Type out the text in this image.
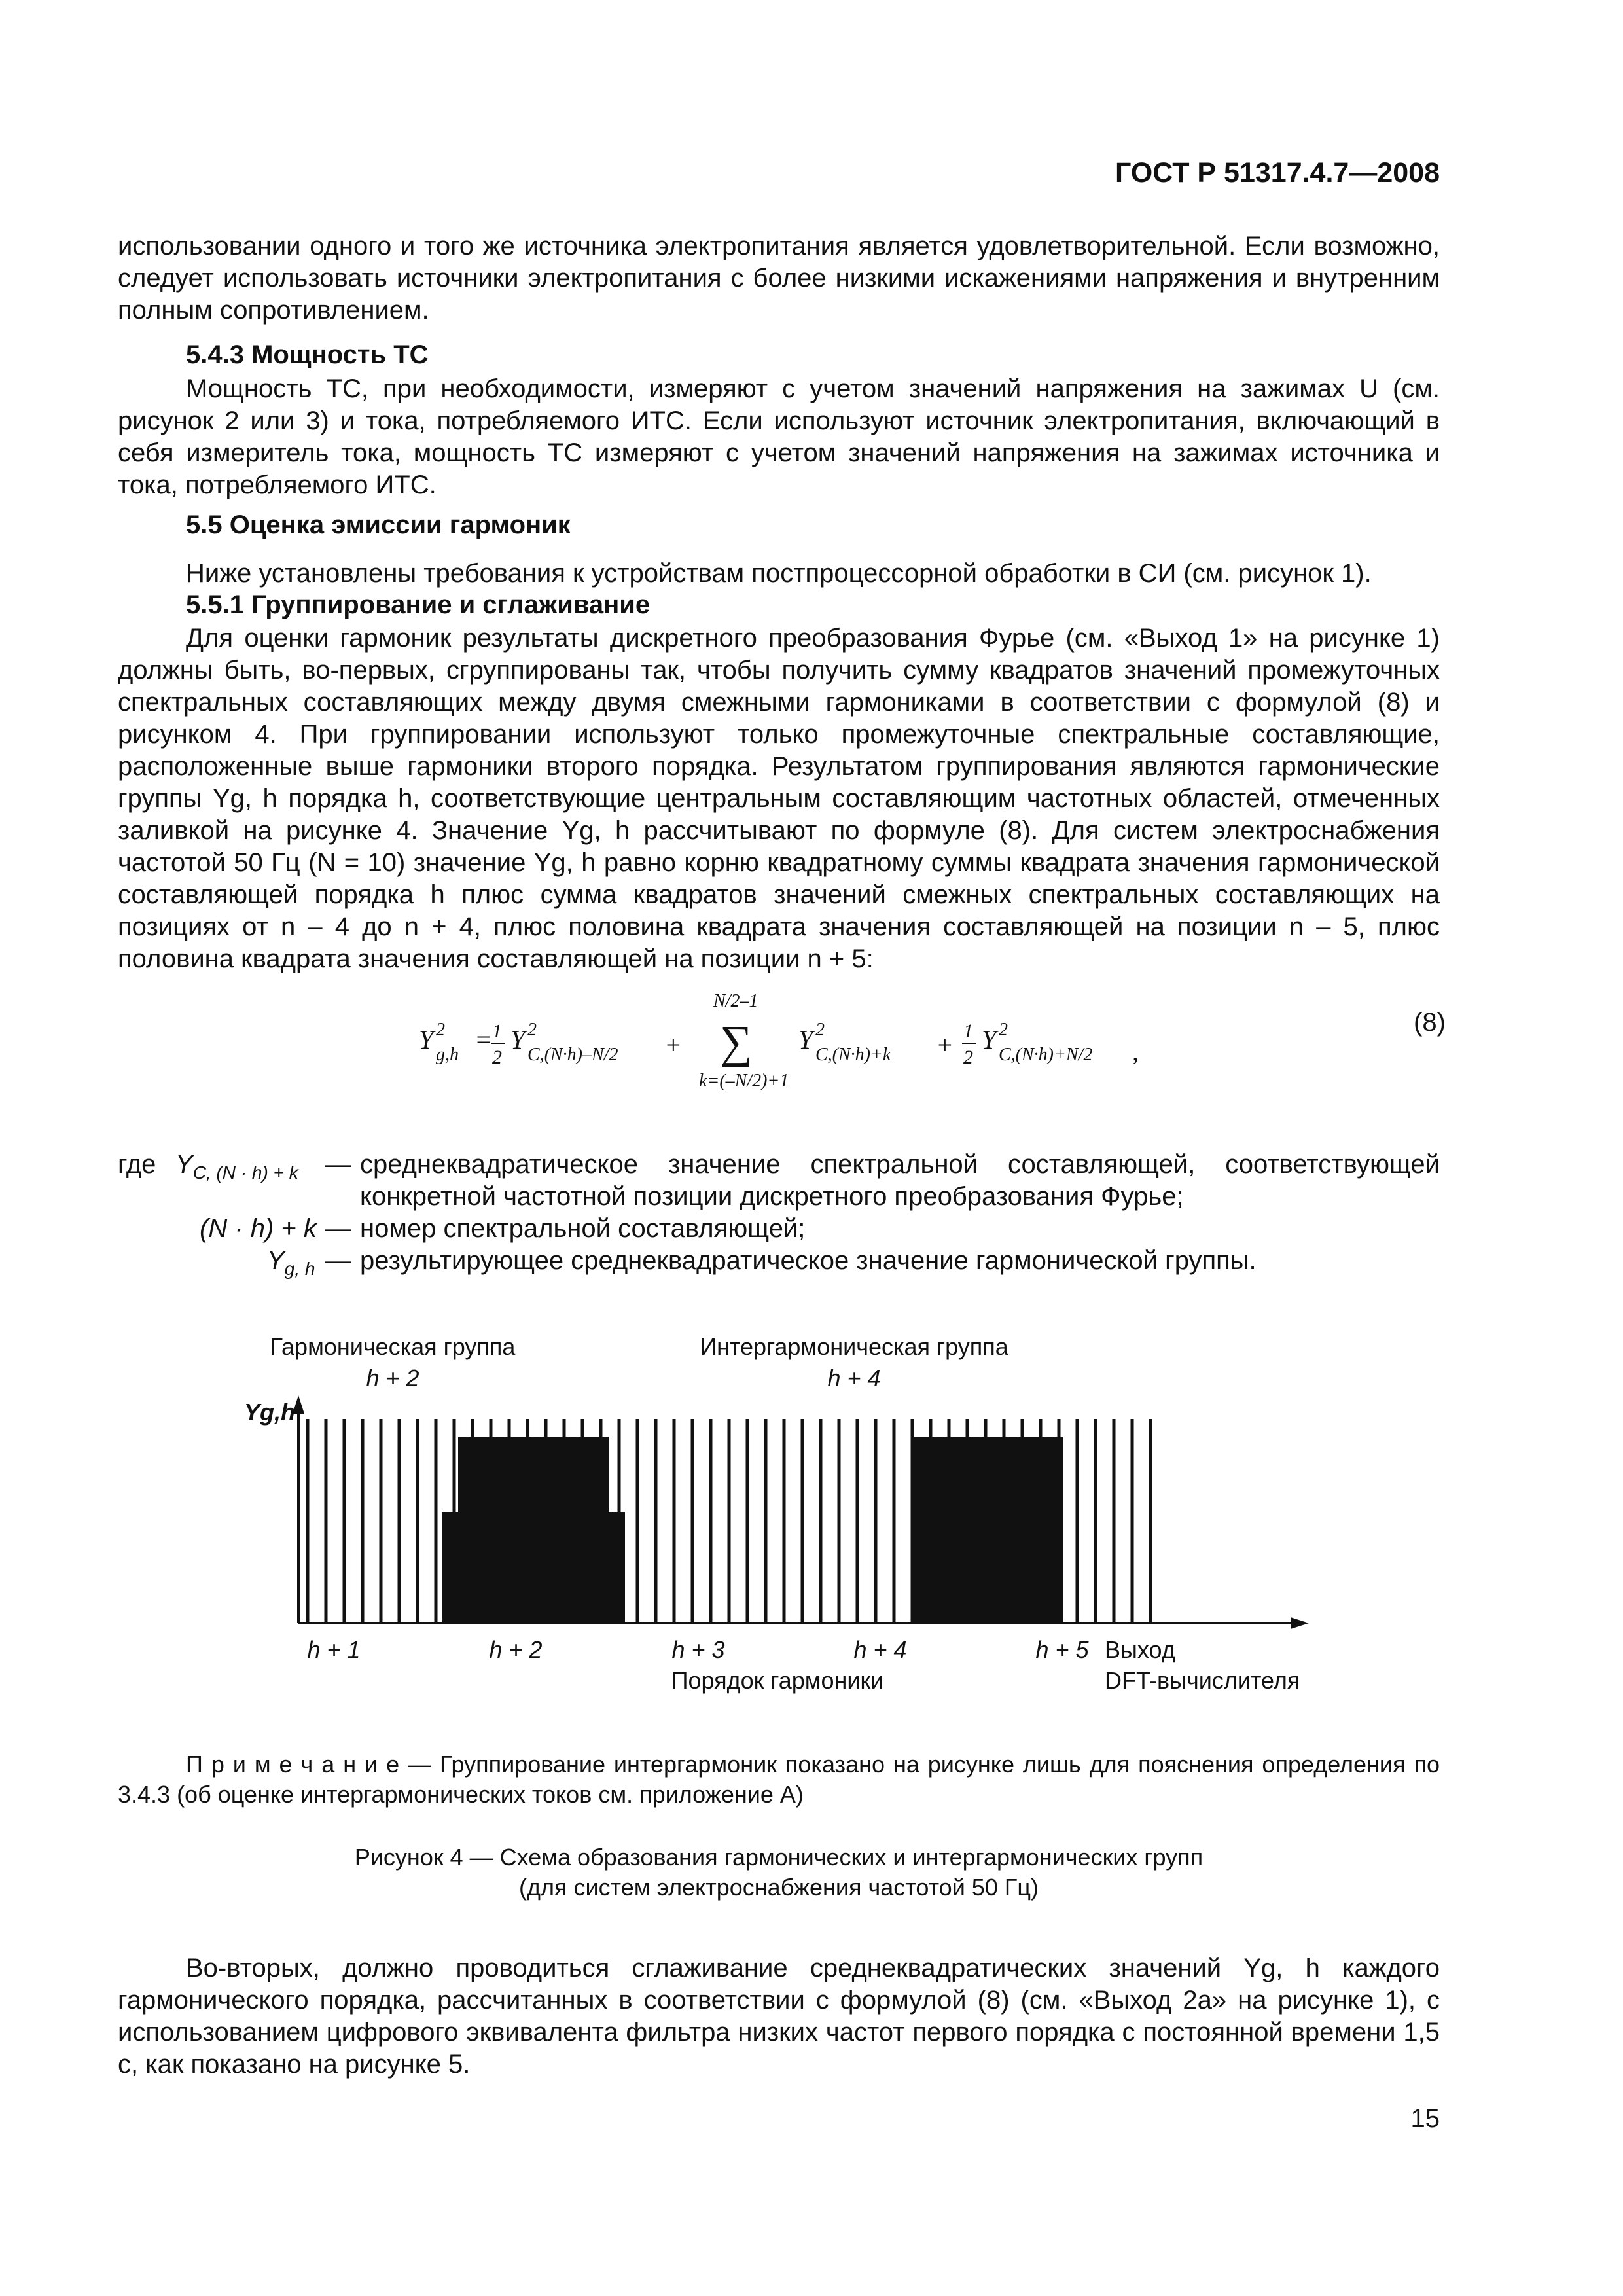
ГОСТ Р 51317.4.7—2008

использовании одного и того же источника электропитания является удовлетворительной. Если возможно, следует использовать источники электропитания с более низкими искажениями напряжения и внутренним полным сопротивлением.

5.4.3 Мощность ТС

Мощность ТС, при необходимости, измеряют с учетом значений напряжения на зажимах U (см. рисунок 2 или 3) и тока, потребляемого ИТС. Если используют источник электропитания, включающий в себя измеритель тока, мощность ТС измеряют с учетом значений напряжения на зажимах источника и тока, потребляемого ИТС.

5.5 Оценка эмиссии гармоник

Ниже установлены требования к устройствам постпроцессорной обработки в СИ (см. рисунок 1).

5.5.1 Группирование и сглаживание

Для оценки гармоник результаты дискретного преобразования Фурье (см. «Выход 1» на рисунке 1) должны быть, во-первых, сгруппированы так, чтобы получить сумму квадратов значений промежуточных спектральных составляющих между двумя смежными гармониками в соответствии с формулой (8) и рисунком 4. При группировании используют только промежуточные спектральные составляющие, расположенные выше гармоники второго порядка. Результатом группирования являются гармонические группы Yg, h порядка h, соответствующие центральным составляющим частотных областей, отмеченных заливкой на рисунке 4. Значение Yg, h рассчитывают по формуле (8). Для систем электроснабжения частотой 50 Гц (N = 10) значение Yg, h равно корню квадратному суммы квадрата значения гармонической составляющей порядка h плюс сумма квадратов значений смежных спектральных составляющих на позициях от n – 4 до n + 4, плюс половина квадрата значения составляющей на позиции n – 5, плюс половина квадрата значения составляющей на позиции n + 5:

Y 2
g,h
= 1
2
Y 2
C,(N·h)–N/2 +
N/2–1
∑
k=(–N/2)+1
Y 2
C,(N·h)+k + 1
2
Y 2
C,(N·h)+N/2 ,
(8)

где $Y_{C, (N \cdot h) + k}$ — среднеквадратическое значение спектральной составляющей, соответствующей конкретной частотной позиции дискретного преобразования Фурье;

(N · h) + k — номер спектральной составляющей;

$Y_{g, h}$ — результирующее среднеквадратическое значение гармонической группы.

Гармоническая группа
h + 2
Интергармоническая группа
h + 4
Yg,h
h + 1	h + 2	h + 3	h + 4	h + 5
Порядок гармоники
Выход
DFT-вычислителя

П р и м е ч а н и е — Группирование интергармоник показано на рисунке лишь для пояснения определения по 3.4.3 (об оценке интергармонических токов см. приложение А)

Рисунок 4 — Схема образования гармонических и интергармонических групп
(для систем электроснабжения частотой 50 Гц)

Во-вторых, должно проводиться сглаживание среднеквадратических значений Yg, h каждого гармонического порядка, рассчитанных в соответствии с формулой (8) (см. «Выход 2а» на рисунке 1), с использованием цифрового эквивалента фильтра низких частот первого порядка с постоянной времени 1,5 с, как показано на рисунке 5.

15
